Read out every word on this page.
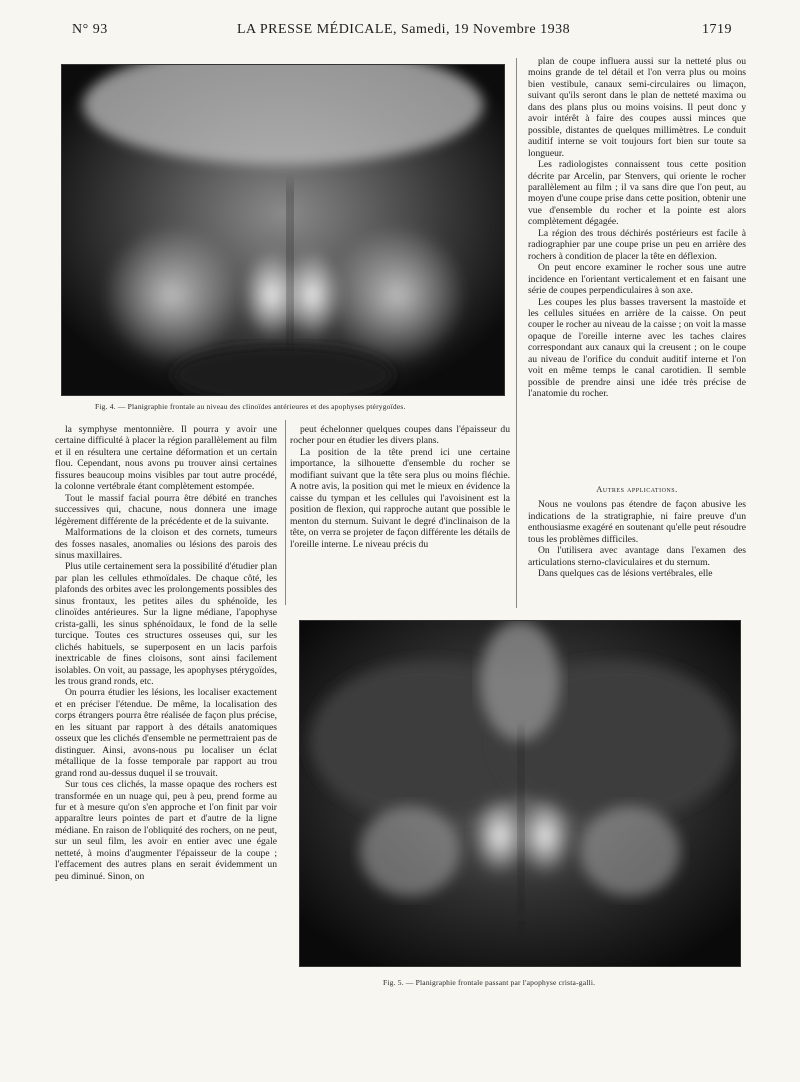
N° 93	LA PRESSE MÉDICALE, Samedi, 19 Novembre 1938	1719
Fig. 4. — Planigraphie frontale au niveau des clinoïdes antérieures et des apophyses ptérygoïdes.

plan de coupe influera aussi sur la netteté plus ou moins grande de tel détail et l'on verra plus ou moins bien vestibule, canaux semi-circulaires ou limaçon, suivant qu'ils seront dans le plan de netteté maxima ou dans des plans plus ou moins voisins. Il peut donc y avoir intérêt à faire des coupes aussi minces que possible, distantes de quelques millimètres. Le conduit auditif interne se voit toujours fort bien sur toute sa longueur.

Les radiologistes connaissent tous cette position décrite par Arcelin, par Stenvers, qui oriente le rocher parallèlement au film ; il va sans dire que l'on peut, au moyen d'une coupe prise dans cette position, obtenir une vue d'ensemble du rocher et la pointe est alors complètement dégagée.

La région des trous déchirés postérieurs est facile à radiographier par une coupe prise un peu en arrière des rochers à condition de placer la tête en déflexion.

On peut encore examiner le rocher sous une autre incidence en l'orientant verticalement et en faisant une série de coupes perpendiculaires à son axe.

Les coupes les plus basses traversent la mastoïde et les cellules situées en arrière de la caisse. On peut couper le rocher au niveau de la caisse ; on voit la masse opaque de l'oreille interne avec les taches claires correspondant aux canaux qui la creusent ; on le coupe au niveau de l'orifice du conduit auditif interne et l'on voit en même temps le canal carotidien. Il semble possible de prendre ainsi une idée très précise de l'anatomie du rocher.

Autres applications.

Nous ne voulons pas étendre de façon abusive les indications de la stratigraphie, ni faire preuve d'un enthousiasme exagéré en soutenant qu'elle peut résoudre tous les problèmes difficiles.

On l'utilisera avec avantage dans l'examen des articulations sterno-claviculaires et du sternum.

Dans quelques cas de lésions vertébrales, elle

la symphyse mentonnière. Il pourra y avoir une certaine difficulté à placer la région parallèlement au film et il en résultera une certaine déformation et un certain flou. Cependant, nous avons pu trouver ainsi certaines fissures beaucoup moins visibles par tout autre procédé, la colonne vertébrale étant complètement estompée.

Tout le massif facial pourra être débité en tranches successives qui, chacune, nous donnera une image légèrement différente de la précédente et de la suivante.

Malformations de la cloison et des cornets, tumeurs des fosses nasales, anomalies ou lésions des parois des sinus maxillaires.

Plus utile certainement sera la possibilité d'étudier plan par plan les cellules ethmoïdales. De chaque côté, les plafonds des orbites avec les prolongements possibles des sinus frontaux, les petites ailes du sphénoïde, les clinoïdes antérieures. Sur la ligne médiane, l'apophyse crista-galli, les sinus sphénoïdaux, le fond de la selle turcique. Toutes ces structures osseuses qui, sur les clichés habituels, se superposent en un lacis parfois inextricable de fines cloisons, sont ainsi facilement isolables. On voit, au passage, les apophyses ptérygoïdes, les trous grand ronds, etc.

On pourra étudier les lésions, les localiser exactement et en préciser l'étendue. De même, la localisation des corps étrangers pourra être réalisée de façon plus précise, en les situant par rapport à des détails anatomiques osseux que les clichés d'ensemble ne permettraient pas de distinguer. Ainsi, avons-nous pu localiser un éclat métallique de la fosse temporale par rapport au trou grand rond au-dessus duquel il se trouvait.

Sur tous ces clichés, la masse opaque des rochers est transformée en un nuage qui, peu à peu, prend forme au fur et à mesure qu'on s'en approche et l'on finit par voir apparaître leurs pointes de part et d'autre de la ligne médiane. En raison de l'obliquité des rochers, on ne peut, sur un seul film, les avoir en entier avec une égale netteté, à moins d'augmenter l'épaisseur de la coupe ; l'effacement des autres plans en serait évidemment un peu diminué. Sinon, on

peut échelonner quelques coupes dans l'épaisseur du rocher pour en étudier les divers plans.

La position de la tête prend ici une certaine importance, la silhouette d'ensemble du rocher se modifiant suivant que la tête sera plus ou moins fléchie. A notre avis, la position qui met le mieux en évidence la caisse du tympan et les cellules qui l'avoisinent est la position de flexion, qui rapproche autant que possible le menton du sternum. Suivant le degré d'inclinaison de la tête, on verra se projeter de façon différente les détails de l'oreille interne. Le niveau précis du

Fig. 5. — Planigraphie frontale passant par l'apophyse crista-galli.
